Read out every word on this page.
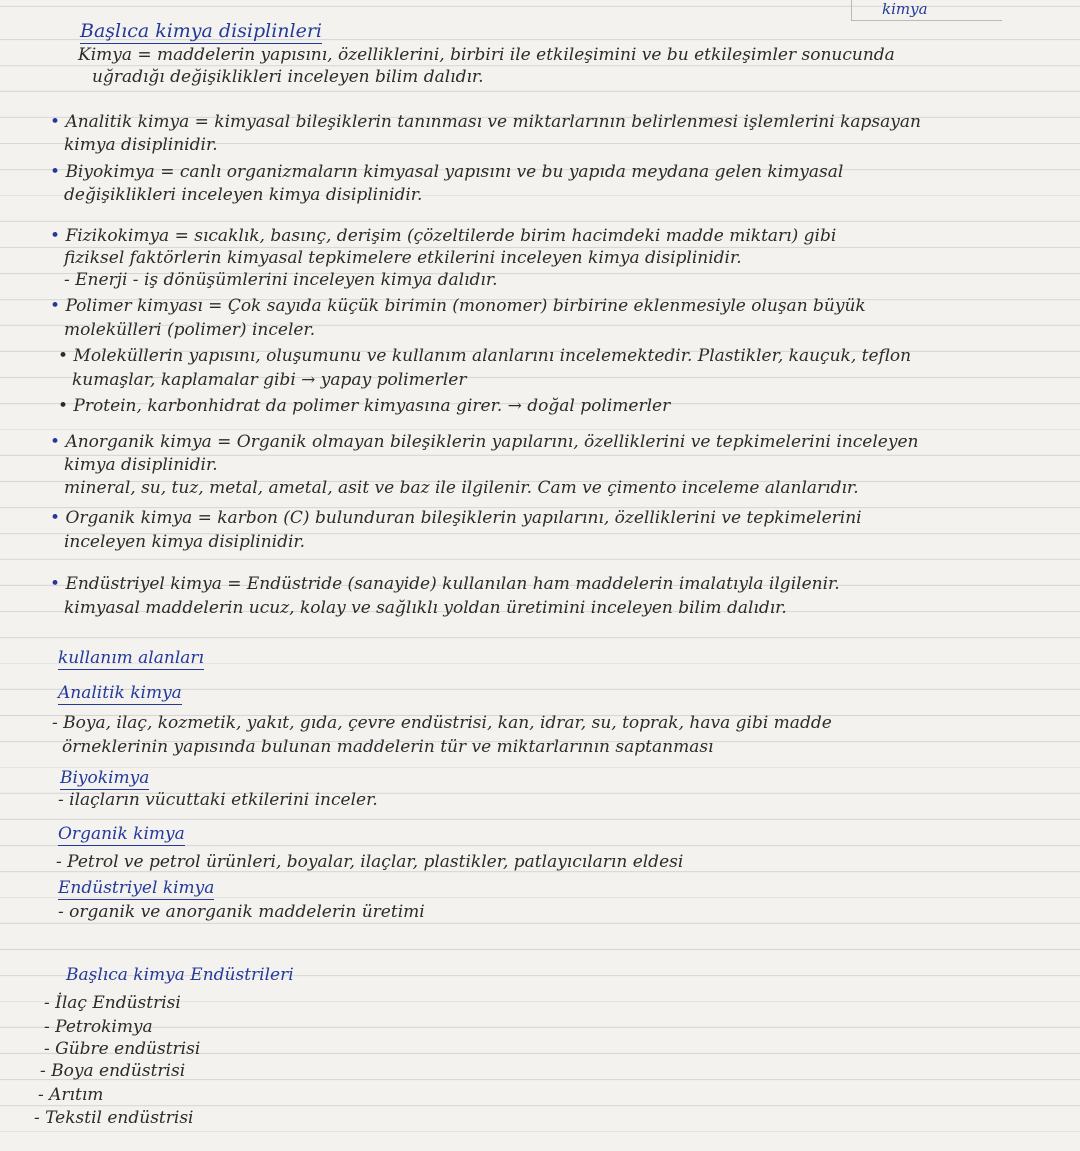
kimya
Başlıca kimya disiplinleri
Kimya = maddelerin yapısını, özelliklerini, birbiri ile etkileşimini ve bu etkileşimler sonucunda
uğradığı değişiklikleri inceleyen bilim dalıdır.
• Analitik kimya = kimyasal bileşiklerin tanınması ve miktarlarının belirlenmesi işlemlerini kapsayan
kimya disiplinidir.
• Biyokimya = canlı organizmaların kimyasal yapısını ve bu yapıda meydana gelen kimyasal
değişiklikleri inceleyen kimya disiplinidir.
• Fizikokimya = sıcaklık, basınç, derişim (çözeltilerde birim hacimdeki madde miktarı) gibi
fiziksel faktörlerin kimyasal tepkimelere etkilerini inceleyen kimya disiplinidir.
- Enerji - iş dönüşümlerini inceleyen kimya dalıdır.
• Polimer kimyası = Çok sayıda küçük birimin (monomer) birbirine eklenmesiyle oluşan büyük
molekülleri (polimer) inceler.
• Moleküllerin yapısını, oluşumunu ve kullanım alanlarını incelemektedir. Plastikler, kauçuk, teflon
kumaşlar, kaplamalar gibi → yapay polimerler
• Protein, karbonhidrat da polimer kimyasına girer. → doğal polimerler
• Anorganik kimya = Organik olmayan bileşiklerin yapılarını, özelliklerini ve tepkimelerini inceleyen
kimya disiplinidir.
mineral, su, tuz, metal, ametal, asit ve baz ile ilgilenir. Cam ve çimento inceleme alanlarıdır.
• Organik kimya = karbon (C) bulunduran bileşiklerin yapılarını, özelliklerini ve tepkimelerini
inceleyen kimya disiplinidir.
• Endüstriyel kimya = Endüstride (sanayide) kullanılan ham maddelerin imalatıyla ilgilenir.
kimyasal maddelerin ucuz, kolay ve sağlıklı yoldan üretimini inceleyen bilim dalıdır.
kullanım alanları
Analitik kimya
- Boya, ilaç, kozmetik, yakıt, gıda, çevre endüstrisi, kan, idrar, su, toprak, hava gibi madde
örneklerinin yapısında bulunan maddelerin tür ve miktarlarının saptanması
Biyokimya
- ilaçların vücuttaki etkilerini inceler.
Organik kimya
- Petrol ve petrol ürünleri, boyalar, ilaçlar, plastikler, patlayıcıların eldesi
Endüstriyel kimya
- organik ve anorganik maddelerin üretimi
Başlıca kimya Endüstrileri
- İlaç Endüstrisi
- Petrokimya
- Gübre endüstrisi
- Boya endüstrisi
- Arıtım
- Tekstil endüstrisi
